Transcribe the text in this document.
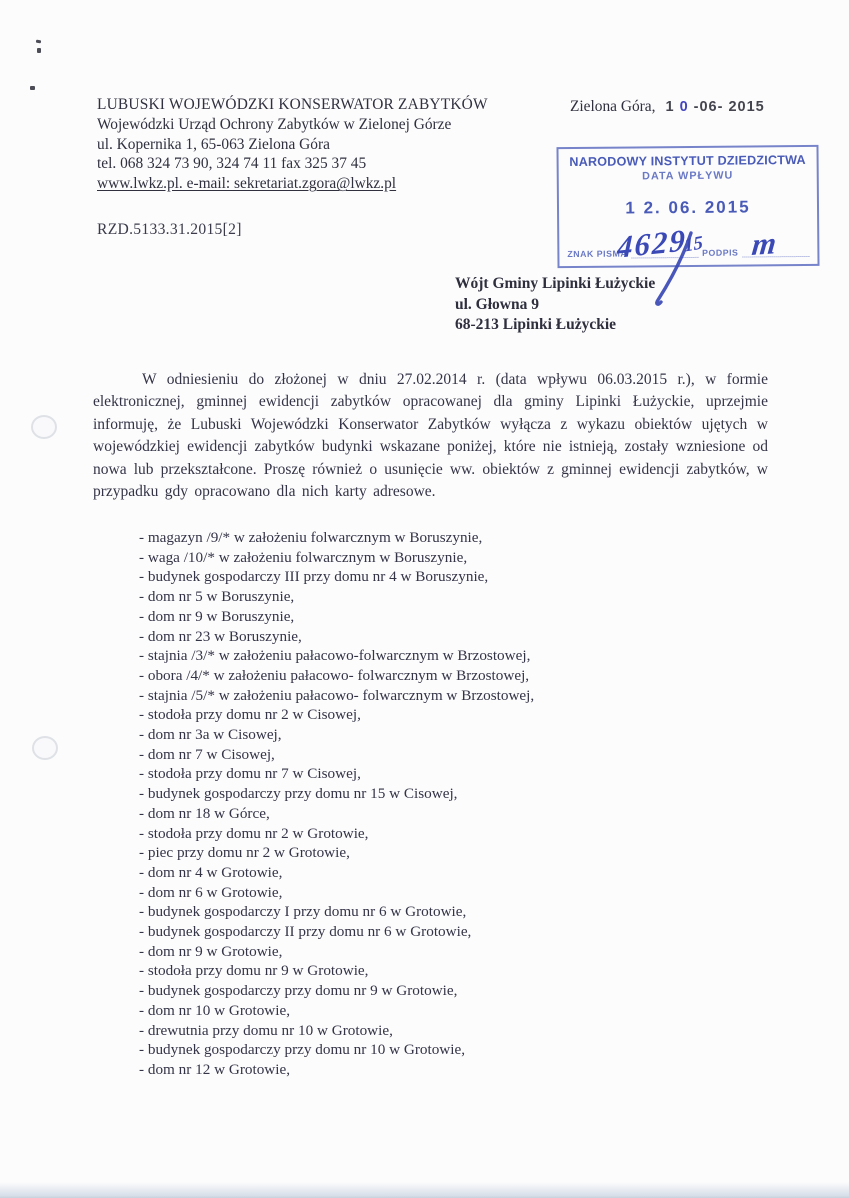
LUBUSKI WOJEWÓDZKI KONSERWATOR ZABYTKÓW
Wojewódzki Urząd Ochrony Zabytków w Zielonej Górze
ul. Kopernika 1, 65-063 Zielona Góra
tel. 068 324 73 90, 324 74 11 fax 325 37 45
www.lwkz.pl. e-mail: sekretariat.zgora@lwkz.pl
Zielona Góra, 1 0 -06- 2015
NARODOWY INSTYTUT DZIEDZICTWA
DATA WPŁYWU
1 2. 06. 2015
ZNAK PISMA	PODPIS
4629
15 m
Wójt Gminy Lipinki Łużyckie
ul. Głowna 9
68-213 Lipinki Łużyckie
RZD.5133.31.2015[2]

W odniesieniu do złożonej w dniu 27.02.2014 r. (data wpływu 06.03.2015 r.), w formie elektronicznej, gminnej ewidencji zabytków opracowanej dla gminy Lipinki Łużyckie, uprzejmie informuję, że Lubuski Wojewódzki Konserwator Zabytków wyłącza z wykazu obiektów ujętych w wojewódzkiej ewidencji zabytków budynki wskazane poniżej, które nie istnieją, zostały wzniesione od nowa lub przekształcone. Proszę również o usunięcie ww. obiektów z gminnej ewidencji zabytków, w przypadku gdy opracowano dla nich karty adresowe.

- magazyn /9/* w założeniu folwarcznym w Boruszynie,
- waga /10/* w założeniu folwarcznym w Boruszynie,
- budynek gospodarczy III przy domu nr 4 w Boruszynie,
- dom nr 5 w Boruszynie,
- dom nr 9 w Boruszynie,
- dom nr 23 w Boruszynie,
- stajnia /3/* w założeniu pałacowo-folwarcznym w Brzostowej,
- obora /4/* w założeniu pałacowo- folwarcznym w Brzostowej,
- stajnia /5/* w założeniu pałacowo- folwarcznym w Brzostowej,
- stodoła przy domu nr 2 w Cisowej,
- dom nr 3a w Cisowej,
- dom nr 7 w Cisowej,
- stodoła przy domu nr 7 w Cisowej,
- budynek gospodarczy przy domu nr 15 w Cisowej,
- dom nr 18 w Górce,
- stodoła przy domu nr 2 w Grotowie,
- piec przy domu nr 2 w Grotowie,
- dom nr 4 w Grotowie,
- dom nr 6 w Grotowie,
- budynek gospodarczy I przy domu nr 6 w Grotowie,
- budynek gospodarczy II przy domu nr 6 w Grotowie,
- dom nr 9 w Grotowie,
- stodoła przy domu nr 9 w Grotowie,
- budynek gospodarczy przy domu nr 9 w Grotowie,
- dom nr 10 w Grotowie,
- drewutnia przy domu nr 10 w Grotowie,
- budynek gospodarczy przy domu nr 10 w Grotowie,
- dom nr 12 w Grotowie,
